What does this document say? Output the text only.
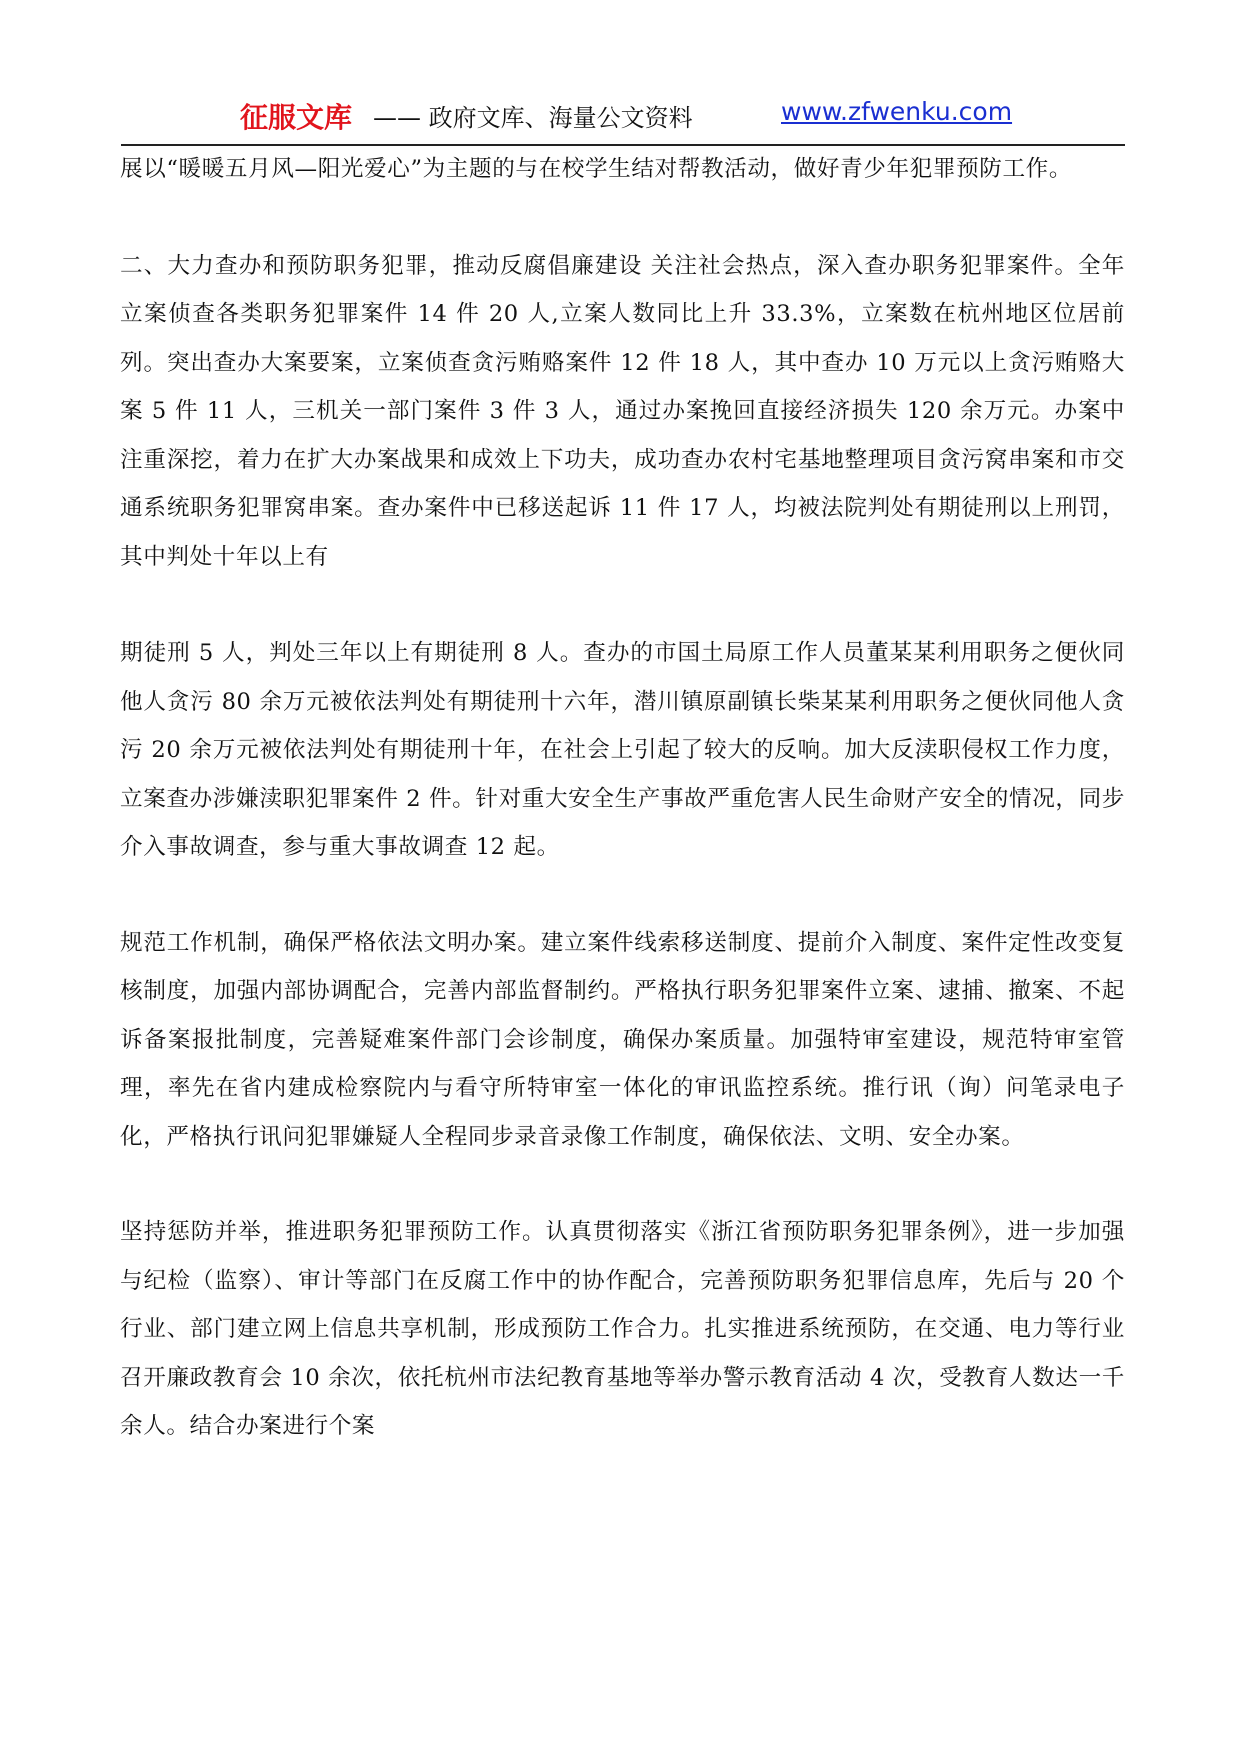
征服文库 —— 政府文库、海量公文资料	www.zfwenku.com

展以“暖暖五月风—阳光爱心”为主题的与在校学生结对帮教活动，做好青少年犯罪预防工作。

二、大力查办和预防职务犯罪，推动反腐倡廉建设 关注社会热点，深入查办职务犯罪案件。全年立案侦查各类职务犯罪案件 14 件 20 人,立案人数同比上升 33.3%，立案数在杭州地区位居前列。突出查办大案要案，立案侦查贪污贿赂案件 12 件 18 人，其中查办 10 万元以上贪污贿赂大案 5 件 11 人，三机关一部门案件 3 件 3 人，通过办案挽回直接经济损失 120 余万元。办案中注重深挖，着力在扩大办案战果和成效上下功夫，成功查办农村宅基地整理项目贪污窝串案和市交通系统职务犯罪窝串案。查办案件中已移送起诉 11 件 17 人，均被法院判处有期徒刑以上刑罚，其中判处十年以上有

期徒刑 5 人，判处三年以上有期徒刑 8 人。查办的市国土局原工作人员董某某利用职务之便伙同他人贪污 80 余万元被依法判处有期徒刑十六年，潜川镇原副镇长柴某某利用职务之便伙同他人贪污 20 余万元被依法判处有期徒刑十年，在社会上引起了较大的反响。加大反渎职侵权工作力度，立案查办涉嫌渎职犯罪案件 2 件。针对重大安全生产事故严重危害人民生命财产安全的情况，同步介入事故调查，参与重大事故调查 12 起。

规范工作机制，确保严格依法文明办案。建立案件线索移送制度、提前介入制度、案件定性改变复核制度，加强内部协调配合，完善内部监督制约。严格执行职务犯罪案件立案、逮捕、撤案、不起诉备案报批制度，完善疑难案件部门会诊制度，确保办案质量。加强特审室建设，规范特审室管理，率先在省内建成检察院内与看守所特审室一体化的审讯监控系统。推行讯（询）问笔录电子化，严格执行讯问犯罪嫌疑人全程同步录音录像工作制度，确保依法、文明、安全办案。

坚持惩防并举，推进职务犯罪预防工作。认真贯彻落实《浙江省预防职务犯罪条例》，进一步加强与纪检（监察）、审计等部门在反腐工作中的协作配合，完善预防职务犯罪信息库，先后与 20 个行业、部门建立网上信息共享机制，形成预防工作合力。扎实推进系统预防，在交通、电力等行业召开廉政教育会 10 余次，依托杭州市法纪教育基地等举办警示教育活动 4 次，受教育人数达一千余人。结合办案进行个案
